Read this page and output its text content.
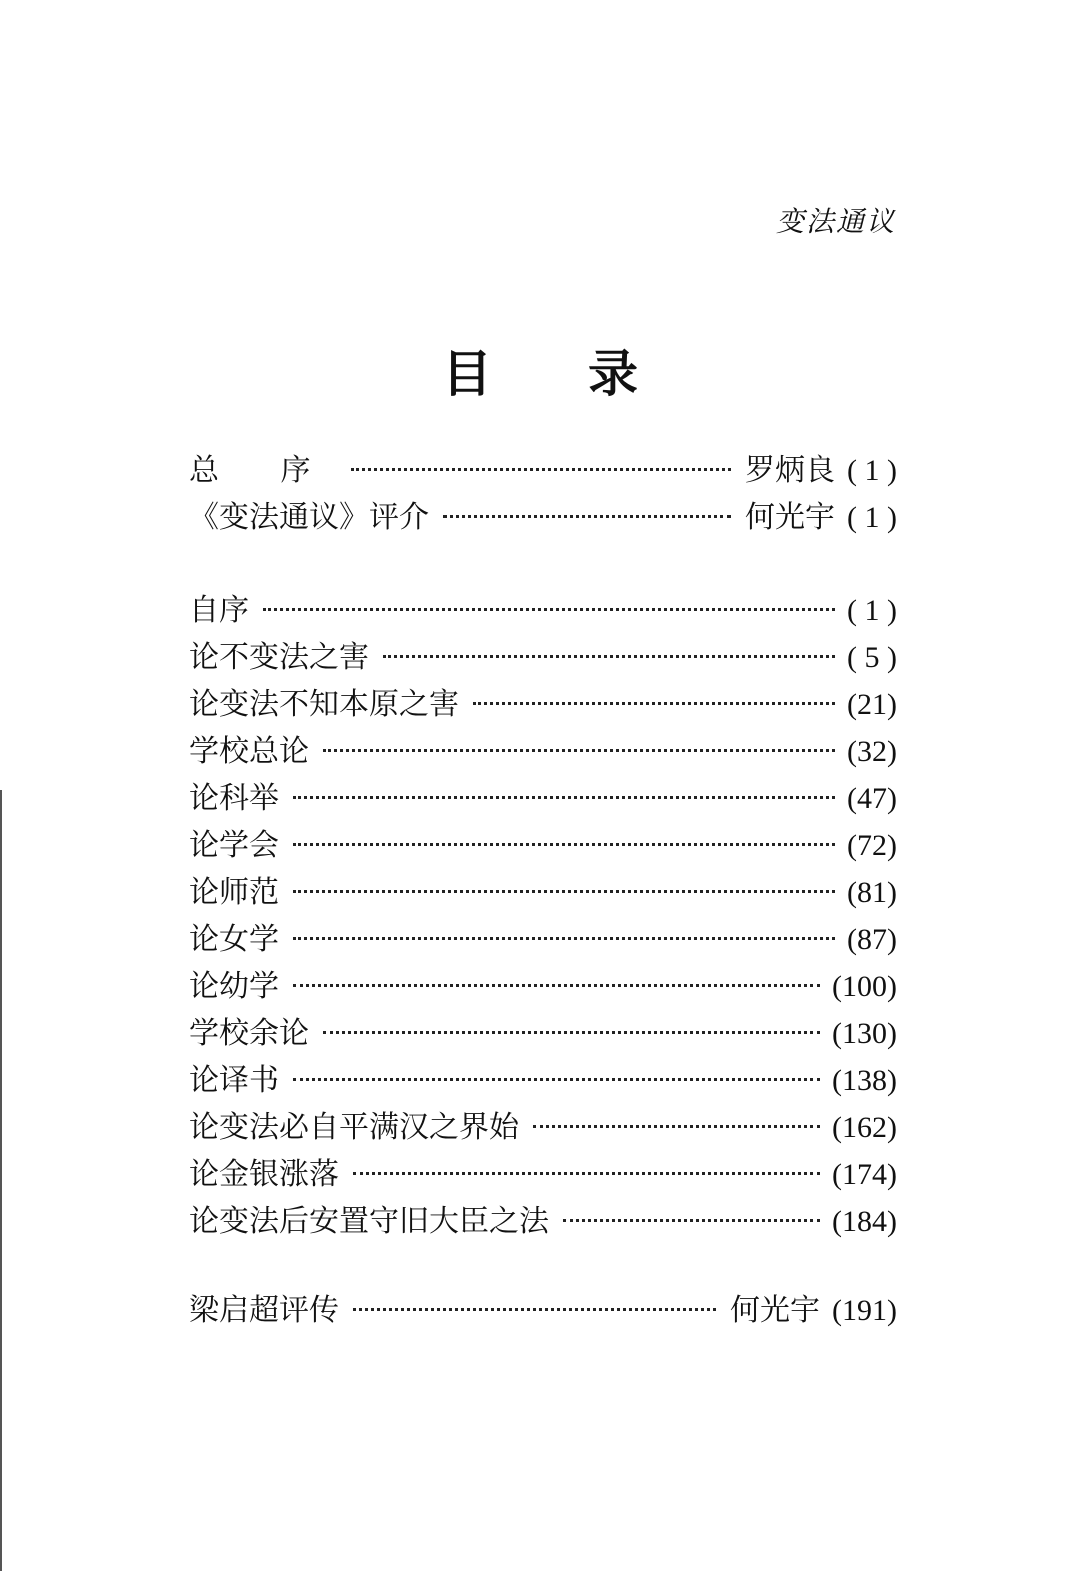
变法通议
目 录
总 序	罗炳良 ( 1 )
《变法通议》评介	何光宇 ( 1 )
自序	( 1 )
论不变法之害	( 5 )
论变法不知本原之害	(21)
学校总论	(32)
论科举	(47)
论学会	(72)
论师范	(81)
论女学	(87)
论幼学	(100)
学校余论	(130)
论译书	(138)
论变法必自平满汉之界始	(162)
论金银涨落	(174)
论变法后安置守旧大臣之法	(184)
梁启超评传	何光宇 (191)
